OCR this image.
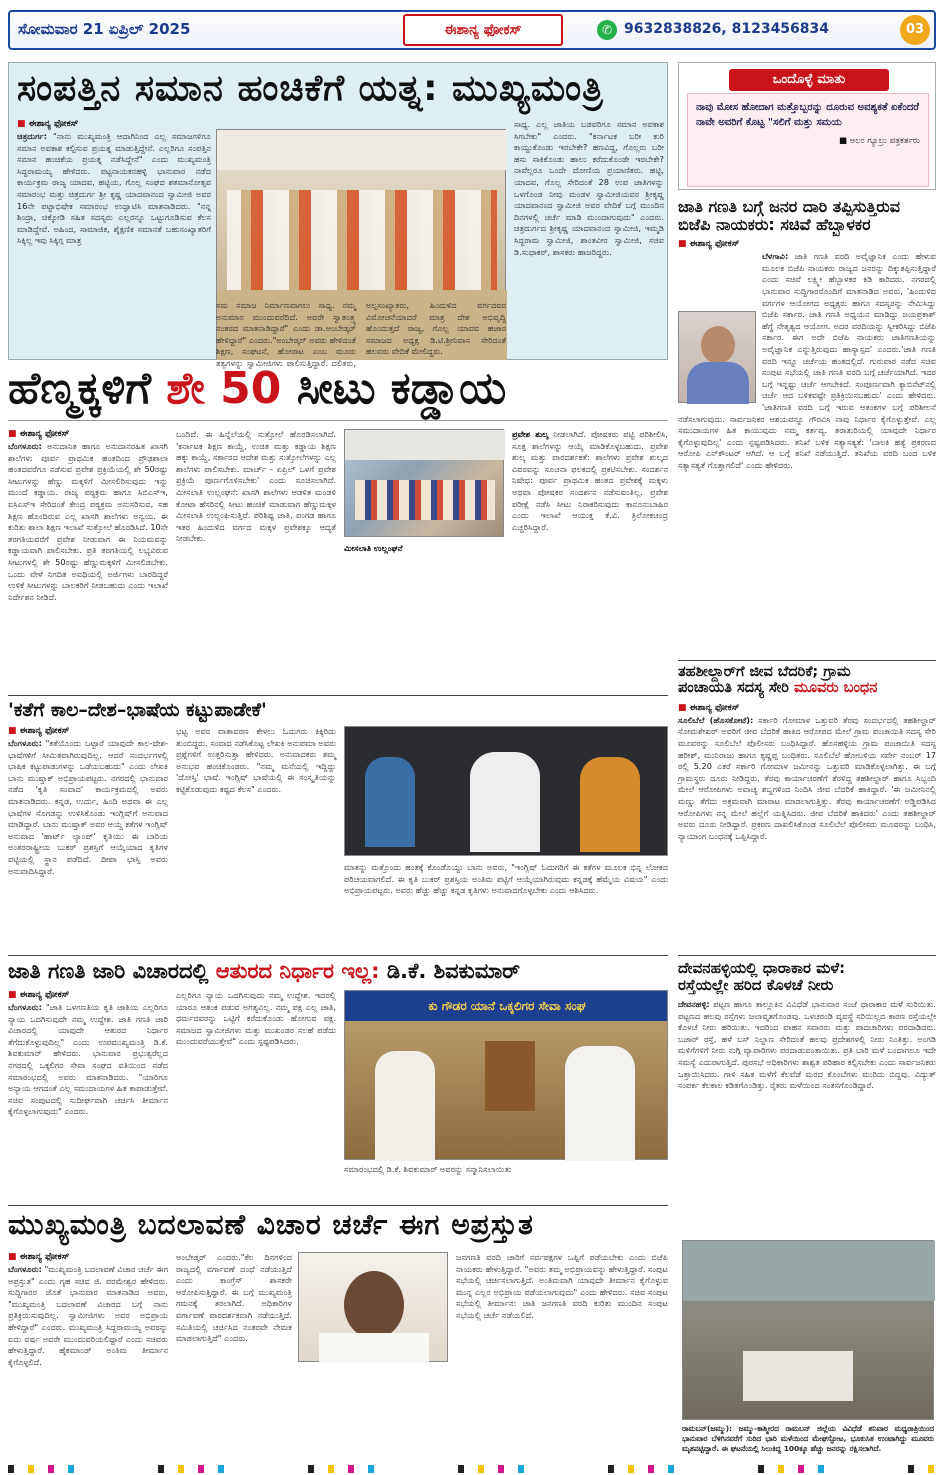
ಸೋಮವಾರ 21 ಏಪ್ರಿಲ್ 2025	ಈಶಾನ್ಯ ಫೋಕಸ್	✆ 9632838826, 8123456834	03
ಸಂಪತ್ತಿನ ಸಮಾನ ಹಂಚಿಕೆಗೆ ಯತ್ನ: ಮುಖ್ಯಮಂತ್ರಿ
■ ಈಶಾನ್ಯ ಫೋಕಸ್
ಚಿತ್ರದುರ್ಗ: "ನಾನು ಮುಖ್ಯಮಂತ್ರಿ ಆದಾಗಿನಿಂದ ಎಲ್ಲ ಸಮಾಜಗಳಿಗೂ ಸಮಾನ ಅವಕಾಶ ಕಲ್ಪಿಸುವ ಪ್ರಯತ್ನ ಮಾಡುತ್ತಿದ್ದೇನೆ. ಎಲ್ಲರಿಗೂ ಸಂಪತ್ತಿನ ಸಮಾನ ಹಂಚಿಕೆಯ ಪ್ರಯತ್ನ ನಡೆಸಿದ್ದೇನೆ" ಎಂದು ಮುಖ್ಯಮಂತ್ರಿ ಸಿದ್ದರಾಮಯ್ಯ ಹೇಳಿದರು. ಪಟ್ಟನಾಯಕನಹಳ್ಳಿ ಭಾನುವಾರ ನಡೆದ ಕಾರ್ಯಕ್ರಮ ರಾಜ್ಯ ಯಾದವ, ಹಟ್ಟಿಯ, ಗೊಲ್ಲ ಸಂಘದ ಶತಮಾನೋತ್ಸವ ಸಮಾರಂಭ ಮತ್ತು ಚಿತ್ರದುರ್ಗ ಶ್ರೀ ಕೃಷ್ಣ ಯಾದವಾನಂದ ಸ್ವಾಮೀಜಿ ಅವರ 16ನೇ ಪಟ್ಟಾಭಿಷೇಕ ಸಮಾರಂಭ ಉದ್ಘಾಟಿಸಿ ಮಾತನಾಡಿದರು. "ನನ್ನ ಶಿಂದ್ರಾ, ಚಿಕ್ಕೋಡಿ ಸಹಿತ ಸದಸ್ಯರು ಎಲ್ಲರನ್ನೂ ಒಟ್ಟುಗೂಡಿಸುವ ಕೆಲಸ ಮಾಡಿದ್ದೇವೆ. ಅಹಿಂದ, ಸಾಮಾಜಿಕ, ಶೈಕ್ಷಣಿಕ ಸಮಾನತೆ ಬಹುಸಂಖ್ಯಾತರಿಗೆ ಸಿಕ್ಕಿಲ್ಲ ಇವು ಸಿಕ್ಕಿಗ್ಗ ಮಾತ್ರ
ಸಾಧ್ಯ. ಎಲ್ಲ ಜಾತಿಯ ಬಡವರಿಗೂ ಸಮಾನ ಅವಕಾಶ ಸಿಗಬೇಕು" ಎಂದರು. "ಕರ್ನಾಟಕ ಬರೀ ಕುರಿ ಕಾಯ್ದುಕೊಂಡು ಇರಬೇಕೇ? ಹಣವಿದ್ದ, ಗೊಲ್ಲರು ಬರೀ ಹಸು ಸಾಕಿಕೊಂಡು ಹಾಲು ಕರೆದುಕೊಂಡೇ ಇರಬೇಕೇ? ನಾವೆಲ್ಲರೂ ಒಂದೇ ದೋಣಿಯ ಪ್ರಯಾಣಿಕರು. ಹಟ್ಟಿ, ಯಾದವ, ಗೊಲ್ಲ ಸೇರಿದಂತೆ 28 ಉಪ ಜಾತಿಗಳನ್ನು ಒಳಗೊಂಡ ನೀವು ಮಂಡಳ ಸ್ವಾಮೀಜಿಯವರ ಶ್ರೀಕೃಷ್ಣ ಯಾದವಾನಂದ ಸ್ವಾಮೀಜಿ ಅವರ ವೇದಿಕೆ ಬಗ್ಗೆ ಮುಂದಿನ ದಿನಗಳಲ್ಲಿ ಚರ್ಚೆ ಮಾಡಿ ಮುಂದಾಗುವುದು" ಎಂದರು. ಚಿತ್ರದುರ್ಗದ ಶ್ರೀಕೃಷ್ಣ ಯಾದವಾನಂದ ಸ್ವಾಮೀಜಿ, ಇಮ್ಮಡಿ ಸಿದ್ಧರಾಮ ಸ್ವಾಮೀಜಿ, ಶಾಂತವೀರ ಸ್ವಾಮೀಜಿ, ಸಚಿವ ಡಿ.ಸುಧಾಕರ್, ಶಾಸಕರು ಹಾಜರಿದ್ದರು.
ಸಮ ಸಮಾಜ ನಿರ್ಮಾಣವಾಗಲು ಸಾಧ್ಯ. ನಮ್ಮ ಅನುಮಾನ ಮುಂದುವರೆದಿದೆ. ಅವರೇ ಸ್ವಾತಂತ್ರ್ಯ ನಂತರದ ಮಾತನಾಡಿದ್ದಾರೆ" ಎಂದು ಡಾ.ಅಂಬೇಡ್ಕರ್ ಹೇಳಿದ್ದಾರೆ" ಎಂದರು."ಅಂಬೇಡ್ಕರ್ ಅವರು ಹೇಳಿದಂತೆ ಶಿಕ್ಷಣ, ಸಂಘಟನೆ, ಹೋರಾಟ ಎಂಬ ಮೂರು ತತ್ವಗಳನ್ನು ಸ್ವಾಮೀಜಿಗಳು ಪಾಲಿಸುತ್ತಿದ್ದಾರೆ. ದಲಿತರು, ಅಲ್ಪಸಂಖ್ಯಾತರು, ಹಿಂದುಳಿದ ವರ್ಗದವರ ವಿಮೋಚನೆಯಾದರೆ ಮಾತ್ರ ದೇಶ ಅಭಿವೃದ್ಧಿ ಹೊಂದುತ್ತದೆ ರಾಜ್ಯ, ಗೊಲ್ಲ ಯಾದವ ಹಜಾರ ಸಮಾಜದ ಅಧ್ಯಕ್ಷ ಡಿ.ಟಿ.ಶ್ರೀನಿವಾಸ ಸೇರಿದಂತೆ ಹಲವರು ವೇದಿಕೆ ಮೇಲಿದ್ದರು.
ಒಂದೊಳ್ಳೆ ಮಾತು
ನಾವು ಮೋಸ ಹೋದಾಗ ಮತ್ತೊಬ್ಬರನ್ನು ದೂರುವ ಅವಶ್ಯಕತೆ ಏಕೆಂದರೆ ನಾವೇ ಅವರಿಗೆ ಕೊಟ್ಟ "ಸಲಿಗೆ ಮತ್ತು ಸಮಯ
■ ಅಲಂ ಗ್ಯೂಲ್ರು ಪತ್ರಕರ್ತರು
ಜಾತಿ ಗಣತಿ ಬಗ್ಗೆ ಜನರ ದಾರಿ ತಪ್ಪಿಸುತ್ತಿರುವ
ಬಿಜೆಪಿ ನಾಯಕರು: ಸಚಿವೆ ಹೆಬ್ಬಾಳಕರ
■ ಈಶಾನ್ಯ ಫೋಕಸ್
ಬೆಳಗಾವಿ: ಜಾತಿ ಗಣತಿ ವರದಿ ಅವೈಜ್ಞಾನಿಕ ಎಂದು ಹೇಳುವ ಮೂಲಕ ಬಿಜೆಪಿ ನಾಯಕರು ರಾಜ್ಯದ ಜನರನ್ನು ದಿಕ್ಕುತಪ್ಪಿಸುತ್ತಿದ್ದಾರೆ ಎಂದು ಸಚಿವೆ ಲಕ್ಷ್ಮೀ ಹೆಬ್ಬಾಳಕರ ಕಿಡಿ ಕಾರಿದರು. ನಗರದಲ್ಲಿ ಭಾನುವಾರ ಸುದ್ದಿಗಾರರೊಂದಿಗೆ ಮಾತನಾಡಿದ ಅವರು, 'ಹಿಂದುಳಿದ ವರ್ಗಗಳ ಆಯೋಗದ ಅಧ್ಯಕ್ಷರು ಹಾಗೂ ಸದಸ್ಯರನ್ನು ನೇಮಿಸಿದ್ದು ಬಿಜೆಪಿ ಸರ್ಕಾರ. ಜಾತಿ ಗಣತಿ ಅಧ್ಯಯನ ಮಾಡಿದ್ದು ಜಯಪ್ರಕಾಶ್ ಹೆಗ್ಡೆ ನೇತೃತ್ವದ ಆಯೋಗ. ಅದರ ವರದಿಯನ್ನು ಸ್ವೀಕರಿಸಿದ್ದು ಬಿಜೆಪಿ ಸರ್ಕಾರ. ಈಗ ಅದೇ ಬಿಜೆಪಿ ನಾಯಕರು ಜಾತಿಗಣತಿಯನ್ನು ಅವೈಜ್ಞಾನಿಕ ಎನ್ನುತ್ತಿರುವುದು ಹಾಸ್ಯಾಸ್ಪದ' ಎಂದರು.'ಜಾತಿ ಗಣತಿ ವರದಿ ಇನ್ನೂ ಚರ್ಚೆಯ ಹಂತದಲ್ಲಿದೆ. ಗುರುವಾರ ನಡೆದ ಸಚಿವ ಸಂಪುಟ ಸಭೆಯಲ್ಲಿ ಜಾತಿ ಗಣತಿ ವರದಿ ಬಗ್ಗೆ ಚರ್ಚೆಯಾಗಿದೆ. ಇದರ ಬಗ್ಗೆ ಇನ್ನಷ್ಟು ಚರ್ಚೆ ಆಗಬೇಕಿದೆ. ಸಂಪೂರ್ಣವಾಗಿ ಕ್ಯಾಬಿನೆಟ್‌ನಲ್ಲಿ ಚರ್ಚೆ ಆದ ಬಳಿಕವಷ್ಟೇ ಪ್ರತಿಕ್ರಿಯಿಸಬಹುದು' ಎಂದು ಹೇಳಿದರು. 'ಜಾತಿಗಣತಿ ವರದಿ ಬಗ್ಗೆ ಇರುವ ಆತಂಕಗಳ ಬಗ್ಗೆ ಪರಿಶೀಲನೆ ನಡೆಸಲಾಗುವುದು. ಸಾರ್ವಜನಿಕರ ಆಶಯವನ್ನೂ ಗೌರವಿಸಿ ನಾವು ನಿರ್ಧಾರ ಕೈಗೊಳ್ಳುತ್ತೇವೆ. ಎಲ್ಲ ಸಮುದಾಯಗಳ ಹಿತ ಕಾಯುವುದು ನಮ್ಮ ಕರ್ತವ್ಯ. ತರಾತುರಿಯಲ್ಲಿ ಯಾವುದೇ ನಿರ್ಧಾರ ಕೈಗೊಳ್ಳುವುದಿಲ್ಲ' ಎಂದು ಸ್ಪಷ್ಟಪಡಿಸಿದರು. ತನಿಖೆ ಬಳಿಕ ಸತ್ಯಾಸತ್ಯತೆ: 'ಬಾಲಕಿ ಹತ್ಯೆ ಪ್ರಕರಣದ ಆರೋಪಿ ಎನ್‌ಕೌಂಟರ್ ಆಗಿದೆ. ಆ ಬಗ್ಗೆ ತನಿಖೆ ನಡೆಯುತ್ತಿದೆ. ತನಿಖೆಯ ವರದಿ ಬಂದ ಬಳಿಕ ಸತ್ಯಾಸತ್ಯತೆ ಗೊತ್ತಾಗಲಿದೆ' ಎಂದು ಹೇಳಿದರು.
ಹೆಣ್ಮಕ್ಕಳಿಗೆ ಶೇ 50 ಸೀಟು ಕಡ್ಡಾಯ
■ ಈಶಾನ್ಯ ಫೋಕಸ್
ಬೆಂಗಳೂರು: ಅನುದಾನಿತ ಹಾಗೂ ಅನುದಾನರಹಿತ ಖಾಸಗಿ ಶಾಲೆಗಳು ಪೂರ್ವ ಪ್ರಾಥಮಿಕ ಹಂತದಿಂದ ಪ್ರೌಢಶಾಲಾ ಹಂತದವರೆಗೂ ನಡೆಸುವ ಪ್ರವೇಶ ಪ್ರಕ್ರಿಯೆಯಲ್ಲಿ ಶೇ 50ರಷ್ಟು ಸೀಟುಗಳನ್ನು ಹೆಣ್ಣು ಮಕ್ಕಳಿಗೆ ಮೀಸಲಿರಿಸುವುದು ಇನ್ನು ಮುಂದೆ ಕಡ್ಡಾಯ. ರಾಜ್ಯ ಪಠ್ಯಕ್ರಮ ಹಾಗೂ ಸಿಬಿಎಸ್‌ಇ, ಐಸಿಎಸ್‌ಇ ಸೇರಿದಂತೆ ಕೇಂದ್ರ ಪಠ್ಯಕ್ರಮ ಅನುಸರಿಸುವ, ಸಹ ಶಿಕ್ಷಣ ಹೊಂದಿರುವ ಎಲ್ಲ ಖಾಸಗಿ ಶಾಲೆಗಳು ಅನ್ವಯ. ಈ ಕುರಿತು ಶಾಲಾ ಶಿಕ್ಷಣ ಇಲಾಖೆ ಸುತ್ತೋಲೆ ಹೊರಡಿಸಿದೆ. 10ನೇ ತರಗತಿಯವರೆಗೆ ಪ್ರವೇಶ ನೀಡುವಾಗ ಈ ನಿಯಮವನ್ನು ಕಡ್ಡಾಯವಾಗಿ ಪಾಲಿಸಬೇಕು. ಪ್ರತಿ ತರಗತಿಯಲ್ಲಿ ಲಭ್ಯವಿರುವ ಸೀಟುಗಳಲ್ಲಿ ಶೇ 50ರಷ್ಟು ಹೆಣ್ಣುಮಕ್ಕಳಿಗೆ ಮೀಸಲಿಡಬೇಕು. ಒಂದು ವೇಳೆ ನಿಗದಿತ ಅವಧಿಯಲ್ಲಿ ಅರ್ಜಿಗಳು ಬಾರದಿದ್ದರೆ ಉಳಿಕೆ ಸೀಟುಗಳನ್ನು ಬಾಲಕರಿಗೆ ನೀಡಬಹುದು ಎಂದು ಇಲಾಖೆ ನಿರ್ದೇಶನ ನೀಡಿದೆ.
ಬಂದಿದೆ. ಈ ಹಿನ್ನೆಲೆಯಲ್ಲಿ ಸುತ್ತೋಲೆ ಹೊರಡಿಸಲಾಗಿದೆ. 'ಕರ್ನಾಟಕ ಶಿಕ್ಷಣ ಕಾಯ್ದೆ, ಉಚಿತ ಮತ್ತು ಕಡ್ಡಾಯ ಶಿಕ್ಷಣ ಹಕ್ಕು ಕಾಯ್ದೆ, ಸರ್ಕಾರದ ಆದೇಶ ಮತ್ತು ಸುತ್ತೋಲೆಗಳನ್ನು ಎಲ್ಲ ಶಾಲೆಗಳು ಪಾಲಿಸಬೇಕು. ಮಾರ್ಚ್ - ಏಪ್ರಿಲ್ ಒಳಗೆ ಪ್ರವೇಶ ಪ್ರಕ್ರಿಯೆ ಪೂರ್ಣಗೊಳಿಸಬೇಕು' ಎಂದು ಸೂಚಿಸಲಾಗಿದೆ. ಮೀಸಲಾತಿ ಉಲ್ಲಂಘನೆ: ಖಾಸಗಿ ಶಾಲೆಗಳು ಆಡಳಿತ ಮಂಡಳಿ ಕೋಟಾ ಹೆಸರಿನಲ್ಲಿ ಸೀಟು ಹಂಚಿಕೆ ಮಾಡುವಾಗ ಹೆಣ್ಣುಮಕ್ಕಳ ಮೀಸಲಾತಿ ಉಲ್ಲಂಘಿಸುತ್ತಿವೆ. ಪರಿಶಿಷ್ಟ ಜಾತಿ, ಪಂಗಡ ಹಾಗೂ ಇತರ ಹಿಂದುಳಿದ ವರ್ಗದ ಮಕ್ಕಳ ಪ್ರವೇಶಕ್ಕೂ ಆದ್ಯತೆ ನೀಡಬೇಕು.
ಮೀಸಲಾತಿ ಉಲ್ಲಂಘನೆ
ಪ್ರವೇಶ ಶುಲ್ಕ ನೀಡಲಾಗಿದೆ. ಪೋಷಕರು ಪಟ್ಟಿ ಪರಿಶೀಲಿಸಿ, ಸೂಕ್ತ ಶಾಲೆಗಳನ್ನು ಆಯ್ಕೆ ಮಾಡಿಕೊಳ್ಳಬಹುದು. ಪ್ರವೇಶ ಶುಲ್ಕ ಮತ್ತು ಪಾರದರ್ಶಕತೆ: ಶಾಲೆಗಳು ಪ್ರವೇಶ ಶುಲ್ಕದ ವಿವರವನ್ನು ಸೂಚನಾ ಫಲಕದಲ್ಲಿ ಪ್ರಕಟಿಸಬೇಕು. ಸಂದರ್ಶನ ನಿಷೇಧ: ಪೂರ್ವ ಪ್ರಾಥಮಿಕ ಹಂತದ ಪ್ರವೇಶಕ್ಕೆ ಮಕ್ಕಳು ಅಥವಾ ಪೋಷಕರ ಸಂದರ್ಶನ ನಡೆಸುವಂತಿಲ್ಲ. ಪ್ರವೇಶ ಪರೀಕ್ಷೆ ನಡೆಸಿ ಸೀಟು ನಿರಾಕರಿಸುವುದು ಕಾನೂನುಬಾಹಿರ ಎಂದು ಇಲಾಖೆ ಆಯುಕ್ತ ಕೆ.ವಿ. ತ್ರಿಲೋಕಚಂದ್ರ ಎಚ್ಚರಿಸಿದ್ದಾರೆ.
ತಹಶೀಲ್ದಾರ್‌ಗೆ ಜೀವ ಬೆದರಿಕೆ; ಗ್ರಾಮ
ಪಂಚಾಯತಿ ಸದಸ್ಯ ಸೇರಿ ಮೂವರು ಬಂಧನ
■ ಈಶಾನ್ಯ ಫೋಕಸ್
ಸೂಲಿಬೆಲೆ (ಹೊಸಕೋಟೆ): ಸರ್ಕಾರಿ ಗೋಮಾಳ ಒತ್ತುವರಿ ತೆರವು ಸಂದರ್ಭದಲ್ಲಿ ತಹಶೀಲ್ದಾರ್ ಸೋಮಶೇಖರ್ ಅವರಿಗೆ ಜೀವ ಬೆದರಿಕೆ ಹಾಕಿದ ಆರೋಪದ ಮೇಲೆ ಗ್ರಾಮ ಪಂಚಾಯಿತಿ ಸದಸ್ಯ ಸೇರಿ ಮೂವರನ್ನು ಸೂಲಿಬೆಲೆ ಪೊಲೀಸರು ಬಂಧಿಸಿದ್ದಾರೆ. ಹೊಸಹಳ್ಳಿಯ ಗ್ರಾಮ ಪಂಚಾಯಿತಿ ಸದಸ್ಯ ಹರೀಶ್, ಮುನಿರಾಜು ಹಾಗೂ ಕೃಷ್ಣಪ್ಪ ಬಂಧಿತರು. ಸೂಲಿಬೆಲೆ ಹೋಬಳಿಯ ಸರ್ವೇ ನಂಬರ್ 17 ರಲ್ಲಿ 5.20 ಎಕರೆ ಸರ್ಕಾರಿ ಗೋಮಾಳ ಜಮೀನನ್ನು ಒತ್ತುವರಿ ಮಾಡಿಕೊಳ್ಳಲಾಗಿತ್ತು. ಈ ಬಗ್ಗೆ ಗ್ರಾಮಸ್ಥರು ದೂರು ನೀಡಿದ್ದರು. ತೆರವು ಕಾರ್ಯಾಚರಣೆಗೆ ತೆರಳಿದ್ದ ತಹಶೀಲ್ದಾರ್ ಹಾಗೂ ಸಿಬ್ಬಂದಿ ಮೇಲೆ ಆರೋಪಿಗಳು ಅವಾಚ್ಯ ಶಬ್ದಗಳಿಂದ ನಿಂದಿಸಿ ಜೀವ ಬೆದರಿಕೆ ಹಾಕಿದ್ದಾರೆ. 'ಈ ಜಮೀನಿನಲ್ಲಿ ಮಣ್ಣು ತೆಗೆದು ಅಕ್ರಮವಾಗಿ ಮಾರಾಟ ಮಾಡಲಾಗುತ್ತಿತ್ತು. ತೆರವು ಕಾರ್ಯಾಚರಣೆಗೆ ಅಡ್ಡಿಪಡಿಸಿದ ಆರೋಪಿಗಳು ನನ್ನ ಮೇಲೆ ಹಲ್ಲೆಗೆ ಯತ್ನಿಸಿದರು. ಜೀವ ಬೆದರಿಕೆ ಹಾಕಿದರು' ಎಂದು ತಹಶೀಲ್ದಾರ್ ಅವರು ದೂರು ನೀಡಿದ್ದಾರೆ. ಪ್ರಕರಣ ದಾಖಲಿಸಿಕೊಂಡ ಸೂಲಿಬೆಲೆ ಪೊಲೀಸರು ಮೂವರನ್ನು ಬಂಧಿಸಿ, ನ್ಯಾಯಾಂಗ ಬಂಧನಕ್ಕೆ ಒಪ್ಪಿಸಿದ್ದಾರೆ.
'ಕತೆಗೆ ಕಾಲ–ದೇಶ–ಭಾಷೆಯ ಕಟ್ಟುಪಾಡೇಕೆ'
■ ಈಶಾನ್ಯ ಫೋಕಸ್
ಬೆಂಗಳೂರು: "ಕತೆಯೊಂದು ಒಟ್ಟಾರೆ ಯಾವುದೇ ಕಾಲ-ದೇಶ-ಭಾಷೆಗಳಿಗೆ ಸೀಮಿತವಾಗಿರುವುದಿಲ್ಲ. ಆದರೆ ಸಂದರ್ಭಗಳಲ್ಲಿ ಭಾಷಿಕ ಕಟ್ಟುಪಾಡುಗಳನ್ನು ಒಡೆಯಬಹುದು" ಎಂದು ಲೇಖಕಿ ಬಾನು ಮುಷ್ತಾಕ್ ಅಭಿಪ್ರಾಯಪಟ್ಟರು. ನಗರದಲ್ಲಿ ಭಾನುವಾರ ನಡೆದ 'ಕೃತಿ ಸಂವಾದ' ಕಾರ್ಯಕ್ರಮದಲ್ಲಿ ಅವರು ಮಾತನಾಡಿದರು. ಕನ್ನಡ, ಉರ್ದು, ಹಿಂದಿ ಅಥವಾ ಈ ಎಲ್ಲ ಭಾಷೆಗಳ ಸೊಗಡನ್ನು ಉಳಿಸಿಕೊಂಡು ಇಂಗ್ಲಿಷ್‌ಗೆ ಅನುವಾದ ಮಾಡಿದ್ದಾರೆ. ಬಾನು ಮುಷ್ತಾಕ್ ಅವರ ಆಯ್ದ ಕತೆಗಳ ಇಂಗ್ಲಿಷ್ ಅನುವಾದ 'ಹಾರ್ಟ್ ಲ್ಯಾಂಪ್' ಕೃತಿಯು ಈ ಬಾರಿಯ ಅಂತರರಾಷ್ಟ್ರೀಯ ಬುಕರ್ ಪ್ರಶಸ್ತಿಗೆ ಆಯ್ಕೆಯಾದ ಕೃತಿಗಳ ಪಟ್ಟಿಯಲ್ಲಿ ಸ್ಥಾನ ಪಡೆದಿದೆ. ದೀಪಾ ಭಾಸ್ತಿ ಅವರು ಅನುವಾದಿಸಿದ್ದಾರೆ.
ಭಟ್ಟ ಅವರ ವಾತಾವರಣ ಕೇಳಲು ಓದುಗರು ಕಿಕ್ಕಿರಿದು ತುಂಬಿದ್ದರು. ಸಂವಾದ ನಡೆಸಿಕೊಟ್ಟ ಲೇಖಕಿ ಅನುಪಮಾ ಅವರು ಪ್ರಶ್ನೆಗಳಿಗೆ ಉತ್ತರಿಸುತ್ತಾ ಹೇಳಿದರು. ಅನುವಾದಕರು ತಮ್ಮ ಅನುಭವ ಹಂಚಿಕೊಂಡರು. "ನಮ್ಮ ಮನೆಯಲ್ಲಿ ಇದ್ದಿದ್ದು 'ದೋಸ್ತಿ' ಭಾಷೆ. ಇಂಗ್ಲಿಷ್ ಭಾಷೆಯಲ್ಲಿ ಈ ಸಂಸ್ಕೃತಿಯನ್ನು ಕಟ್ಟಿಕೊಡುವುದು ಕಷ್ಟದ ಕೆಲಸ" ಎಂದರು.
ಮಾತನ್ನು ಮತ್ತೊಂದು ಹಂತಕ್ಕೆ ಕೊಂಡೊಯ್ದು ಬಾನು ಅವರು, "ಇಂಗ್ಲಿಷ್ ಓದುಗರಿಗೆ ಈ ಕತೆಗಳ ಮೂಲಕ ಭಿನ್ನ ಲೋಕದ ಪರಿಚಯವಾಗಲಿದೆ. ಈ ಕೃತಿ ಬುಕರ್ ಪ್ರಶಸ್ತಿಯ ಅಂತಿಮ ಪಟ್ಟಿಗೆ ಆಯ್ಕೆಯಾಗಿರುವುದು ಕನ್ನಡಕ್ಕೆ ಹೆಮ್ಮೆಯ ವಿಷಯ" ಎಂದು ಅಭಿಪ್ರಾಯಪಟ್ಟರು. ಅವರು ಹೆಚ್ಚು ಹೆಚ್ಚು ಕನ್ನಡ ಕೃತಿಗಳು ಅನುವಾದಗೊಳ್ಳಬೇಕು ಎಂದು ಆಶಿಸಿದರು.
ಜಾತಿ ಗಣತಿ ಜಾರಿ ವಿಚಾರದಲ್ಲಿ ಆತುರದ ನಿರ್ಧಾರ ಇಲ್ಲ: ಡಿ.ಕೆ. ಶಿವಕುಮಾರ್
■ ಈಶಾನ್ಯ ಫೋಕಸ್
ಬೆಂಗಳೂರು: "ಜಾತಿ ಒಳಗಣತಿಯ ಕೃತಿ ಜಾತಿಯ ಎಲ್ಲರಿಗೂ ನ್ಯಾಯ ಒದಗಿಸುವುದೇ ನಮ್ಮ ಉದ್ದೇಶ. ಜಾತಿ ಗಣತಿ ಜಾರಿ ವಿಚಾರದಲ್ಲಿ ಯಾವುದೇ ಆತುರದ ನಿರ್ಧಾರ ತೆಗೆದುಕೊಳ್ಳುವುದಿಲ್ಲ" ಎಂದು ಉಪಮುಖ್ಯಮಂತ್ರಿ ಡಿ.ಕೆ. ಶಿವಕುಮಾರ್ ಹೇಳಿದರು. ಭಾನುವಾರ ಪ್ರಭುತ್ವರೆಲ್ಲದ ನಗರದಲ್ಲಿ ಒಕ್ಕಲಿಗರ ಸೇವಾ ಸಂಘದ ವತಿಯಿಂದ ನಡೆದ ಸಮಾರಂಭದಲ್ಲಿ ಅವರು ಮಾತನಾಡಿದರು. "ಯಾರಿಗೂ ಅನ್ಯಾಯ ಆಗದಂತೆ ಎಲ್ಲ ಸಮುದಾಯಗಳ ಹಿತ ಕಾಪಾಡುತ್ತೇವೆ. ಸಚಿವ ಸಂಪುಟದಲ್ಲಿ ಸುದೀರ್ಘವಾಗಿ ಚರ್ಚಿಸಿ ತೀರ್ಮಾನ ಕೈಗೊಳ್ಳಲಾಗುವುದು" ಎಂದರು.
ಎಲ್ಲರಿಗೂ ನ್ಯಾಯ ಒದಗಿಸುವುದು ನಮ್ಮ ಉದ್ದೇಶ. ಇದರಲ್ಲಿ ಯಾರೂ ಆತಂಕ ಪಡುವ ಅಗತ್ಯವಿಲ್ಲ. ನಮ್ಮ ಪಕ್ಷ ಎಲ್ಲ ಜಾತಿ, ಧರ್ಮದವರನ್ನು ಒಟ್ಟಿಗೆ ಕರೆದುಕೊಂಡು ಹೋಗುವ ಪಕ್ಷ. ಸಮಾಜದ ಸ್ವಾಮೀಜಿಗಳು ಮತ್ತು ಮುಖಂಡರ ಸಲಹೆ ಪಡೆದು ಮುಂದುವರೆಯುತ್ತೇವೆ" ಎಂದು ಸ್ಪಷ್ಟಪಡಿಸಿದರು.
ಕು ಗೌಡರ ಯಾನೆ ಒಕ್ಕಲಿಗರ ಸೇವಾ ಸಂಘ
ಸಮಾರಂಭದಲ್ಲಿ ಡಿ.ಕೆ. ಶಿವಕುಮಾರ್ ಅವರನ್ನು ಸನ್ಮಾನಿಸಲಾಯಿತು
ದೇವನಹಳ್ಳಿಯಲ್ಲಿ ಧಾರಾಕಾರ ಮಳೆ:
ರಸ್ತೆಯಲ್ಲೇ ಹರಿದ ಕೊಳಚೆ ನೀರು
ದೇವನಹಳ್ಳಿ: ಪಟ್ಟಣ ಹಾಗೂ ತಾಲ್ಲೂಕಿನ ವಿವಿಧೆಡೆ ಭಾನುವಾರ ಸಂಜೆ ಧಾರಾಕಾರ ಮಳೆ ಸುರಿಯಿತು. ಪಟ್ಟಣದ ಹಲವು ರಸ್ತೆಗಳು ಜಲಾವೃತಗೊಂಡವು. ಒಳಚರಂಡಿ ವ್ಯವಸ್ಥೆ ಸರಿಯಿಲ್ಲದ ಕಾರಣ ರಸ್ತೆಯಲ್ಲೇ ಕೊಳಚೆ ನೀರು ಹರಿಯಿತು. ಇದರಿಂದ ವಾಹನ ಸವಾರರು ಮತ್ತು ಪಾದಚಾರಿಗಳು ಪರದಾಡಿದರು. ಬಜಾರ್ ರಸ್ತೆ, ಹಳೆ ಬಸ್ ನಿಲ್ದಾಣ ಸೇರಿದಂತೆ ಹಲವು ಪ್ರದೇಶಗಳಲ್ಲಿ ನೀರು ನಿಂತಿತ್ತು. ಅಂಗಡಿ ಮಳಿಗೆಗಳಿಗೆ ನೀರು ನುಗ್ಗಿ ವ್ಯಾಪಾರಿಗಳು ಪರದಾಡುವಂತಾಯಿತು. ಪ್ರತಿ ಬಾರಿ ಮಳೆ ಬಂದಾಗಲೂ ಇದೇ ಸಮಸ್ಯೆ ಎದುರಾಗುತ್ತಿದೆ. ಪುರಸಭೆ ಅಧಿಕಾರಿಗಳು ಶಾಶ್ವತ ಪರಿಹಾರ ಕಲ್ಪಿಸಬೇಕು ಎಂದು ಸಾರ್ವಜನಿಕರು ಒತ್ತಾಯಿಸಿದರು. ಗಾಳಿ ಸಹಿತ ಮಳೆಗೆ ಕೆಲವೆಡೆ ಮರದ ಕೊಂಬೆಗಳು ಮುರಿದು ಬಿದ್ದವು. ವಿದ್ಯುತ್ ಸಂಪರ್ಕ ಕೆಲಕಾಲ ಕಡಿತಗೊಂಡಿತ್ತು. ರೈತರು ಮಳೆಯಿಂದ ಸಂತಸಗೊಂಡಿದ್ದಾರೆ.
ರಾಮಬನ್(ಜಮ್ಮು): ಜಮ್ಮು-ಕಾಶ್ಮೀರದ ರಾಮಬನ್ ಜಿಲ್ಲೆಯ ವಿವಿಧೆಡೆ ಶನಿವಾರ ಮಧ್ಯರಾತ್ರಿಯಿಂದ ಭಾನುವಾರ ಬೆಳಿಗಿನವರೆಗೆ ಸುರಿದ ಭಾರಿ ಮಳೆಯಿಂದ ಮೇಘಸ್ಫೋಟ, ಭೂಕುಸಿತ ಉಂಟಾಗಿದ್ದು ಮೂವರು ಮೃತಪಟ್ಟಿದ್ದಾರೆ. ಈ ಘಟನೆಯಲ್ಲಿ ಸಿಲುಕಿದ್ದ 100ಕ್ಕೂ ಹೆಚ್ಚು ಜನರನ್ನು ರಕ್ಷಿಸಲಾಗಿದೆ.
ಮುಖ್ಯಮಂತ್ರಿ ಬದಲಾವಣೆ ವಿಚಾರ ಚರ್ಚೆ ಈಗ ಅಪ್ರಸ್ತುತ
■ ಈಶಾನ್ಯ ಫೋಕಸ್
ಬೆಂಗಳೂರು: "ಮುಖ್ಯಮಂತ್ರಿ ಬದಲಾವಣೆ ವಿಚಾರ ಚರ್ಚೆ ಈಗ ಅಪ್ರಸ್ತುತ" ಎಂದು ಗೃಹ ಸಚಿವ ಜಿ. ಪರಮೇಶ್ವರ ಹೇಳಿದರು. ಸುದ್ದಿಗಾರರ ಜೊತೆ ಭಾನುವಾರ ಮಾತನಾಡಿದ ಅವರು, "ಮುಖ್ಯಮಂತ್ರಿ ಬದಲಾವಣೆ ವಿಚಾರದ ಬಗ್ಗೆ ನಾನು ಪ್ರತಿಕ್ರಿಯಿಸುವುದಿಲ್ಲ. ಸ್ವಾಮೀಜಿಗಳು ಅವರ ಅಭಿಪ್ರಾಯ ಹೇಳಿದ್ದಾರೆ" ಎಂದರು. ಮುಖ್ಯಮಂತ್ರಿ ಸಿದ್ದರಾಮಯ್ಯ ಅವರನ್ನು ಐದು ವರ್ಷ ಅವರೇ ಮುಂದುವರಿಯಲಿದ್ದಾರೆ ಎಂದು ಸಚಿವರು ಹೇಳುತ್ತಿದ್ದಾರೆ. ಹೈಕಮಾಂಡ್ ಅಂತಿಮ ತೀರ್ಮಾನ ಕೈಗೊಳ್ಳಲಿದೆ.
ಅಂಬೇಡ್ಕರ್ ಎಂದರು."ಕೆಲ ದಿನಗಳಿಂದ ರಾಜ್ಯದಲ್ಲಿ ವರ್ಗಾವಣೆ ದಂಧೆ ನಡೆಯುತ್ತಿದೆ ಎಂದು ಕಾಂಗ್ರೆಸ್ ಶಾಸಕರೇ ಆರೋಪಿಸುತ್ತಿದ್ದಾರೆ. ಈ ಬಗ್ಗೆ ಮುಖ್ಯಮಂತ್ರಿ ಗಮನಕ್ಕೆ ತರಲಾಗಿದೆ. ಅಧಿಕಾರಿಗಳ ವರ್ಗಾವಣೆ ಪಾರದರ್ಶಕವಾಗಿ ನಡೆಯುತ್ತಿದೆ. ಸಮಿತಿಯಲ್ಲಿ ಚರ್ಚಿಸಿದ ನಂತರವೇ ನೇಮಕ ಮಾಡಲಾಗುತ್ತಿದೆ" ಎಂದರು.
ಜನಗಣತಿ ವರದಿ ಜಾರಿಗೆ ಸರ್ವಪಕ್ಷಗಳ ಒಪ್ಪಿಗೆ ಪಡೆಯಬೇಕು ಎಂದು ಬಿಜೆಪಿ ನಾಯಕರು ಹೇಳುತ್ತಿದ್ದಾರೆ. "ಅವರು ತಮ್ಮ ಅಭಿಪ್ರಾಯವನ್ನು ಹೇಳುತ್ತಿದ್ದಾರೆ. ಸಂಪುಟ ಸಭೆಯಲ್ಲಿ ಚರ್ಚಿಸಲಾಗುತ್ತಿದೆ. ಅಂತಿಮವಾಗಿ ಯಾವುದೇ ತೀರ್ಮಾನ ಕೈಗೊಳ್ಳುವ ಮುನ್ನ ಎಲ್ಲರ ಅಭಿಪ್ರಾಯ ಪಡೆಯಲಾಗುವುದು" ಎಂದು ಹೇಳಿದರು. ಸಚಿವ ಸಂಪುಟ ಸಭೆಯಲ್ಲಿ ತೀರ್ಮಾನ: ಜಾತಿ ಜನಗಣತಿ ವರದಿ ಕುರಿತು ಮುಂದಿನ ಸಂಪುಟ ಸಭೆಯಲ್ಲಿ ಚರ್ಚೆ ನಡೆಯಲಿದೆ.
